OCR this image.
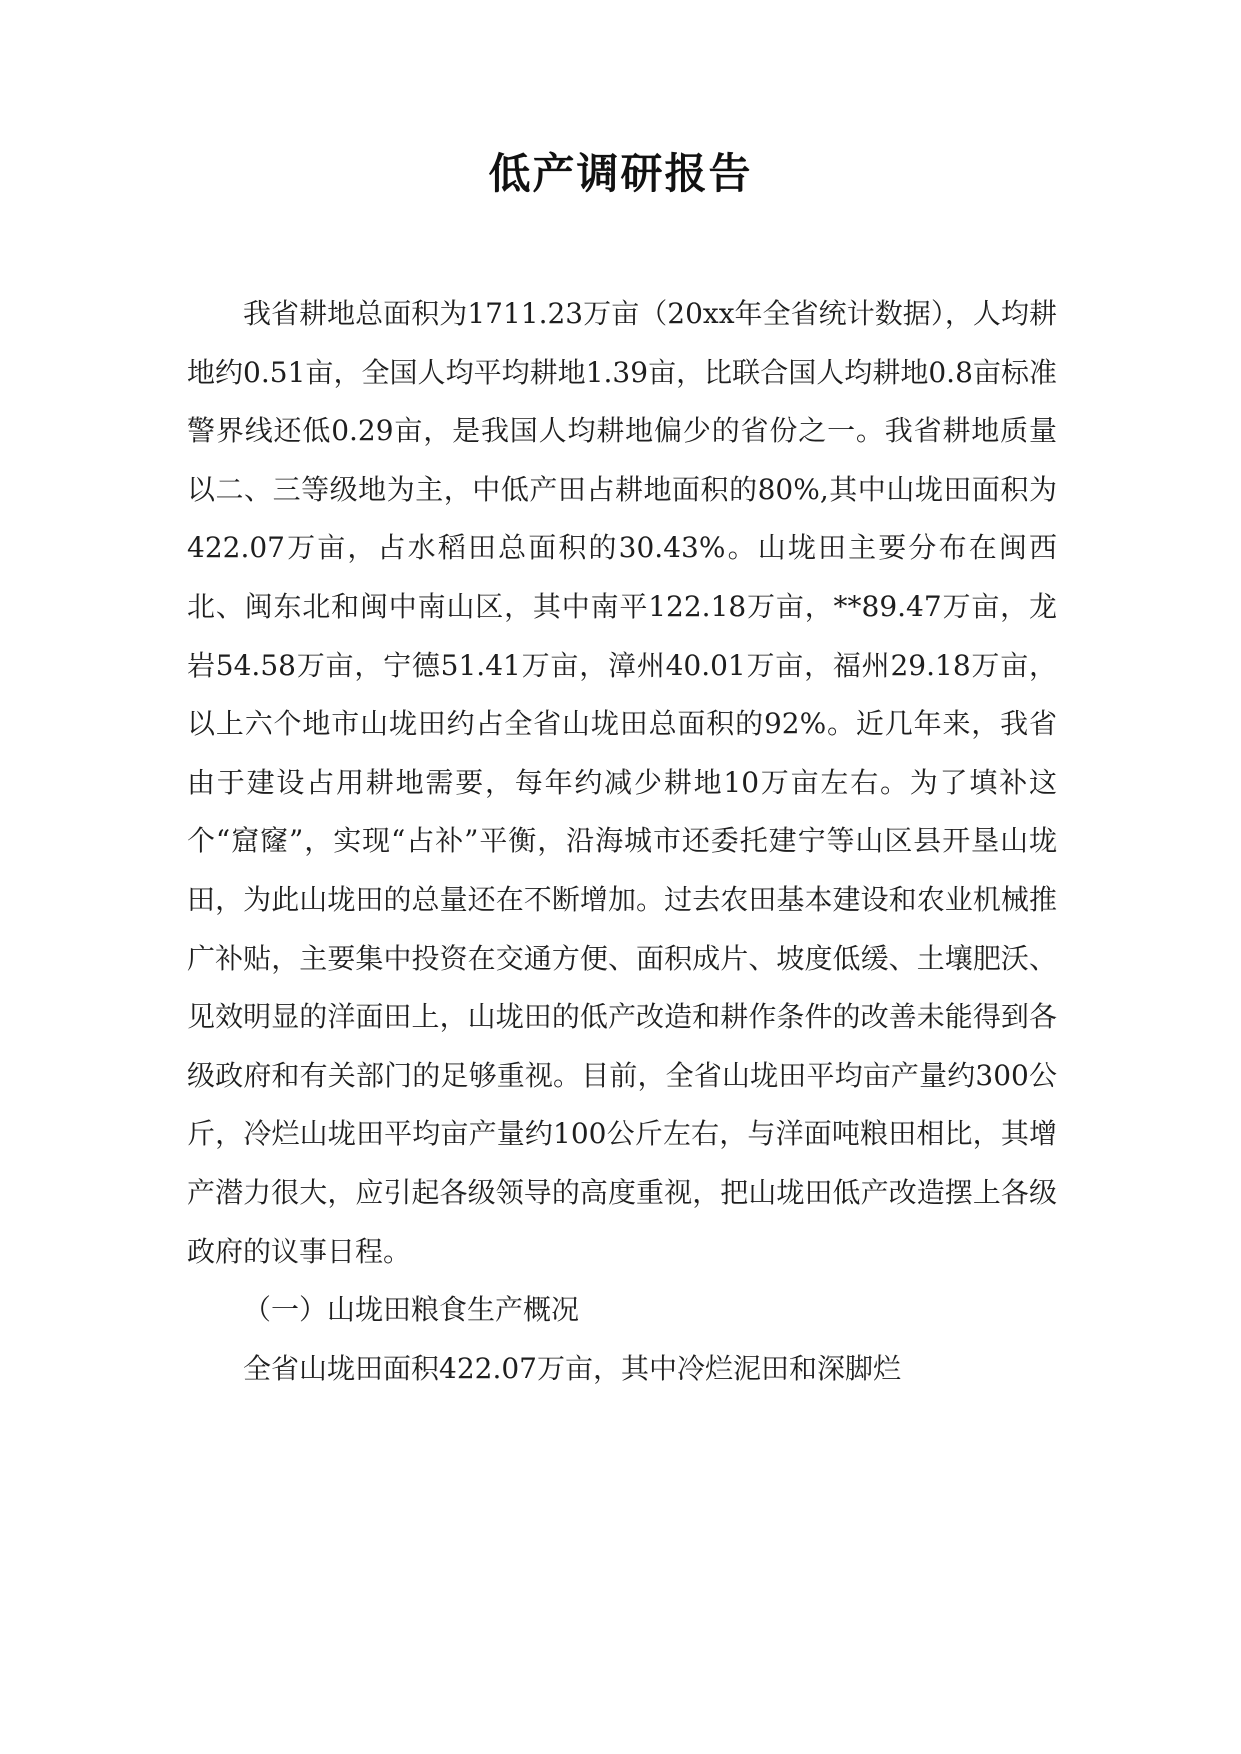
低产调研报告

我省耕地总面积为1711.23万亩（20xx年全省统计数据），人均耕地约0.51亩，全国人均平均耕地1.39亩，比联合国人均耕地0.8亩标准警界线还低0.29亩，是我国人均耕地偏少的省份之一。我省耕地质量以二、三等级地为主，中低产田占耕地面积的80%,其中山垅田面积为422.07万亩，占水稻田总面积的30.43%。山垅田主要分布在闽西北、闽东北和闽中南山区，其中南平122.18万亩，**89.47万亩，龙岩54.58万亩，宁德51.41万亩，漳州40.01万亩，福州29.18万亩，以上六个地市山垅田约占全省山垅田总面积的92%。近几年来，我省由于建设占用耕地需要，每年约减少耕地10万亩左右。为了填补这个“窟窿”，实现“占补”平衡，沿海城市还委托建宁等山区县开垦山垅田，为此山垅田的总量还在不断增加。过去农田基本建设和农业机械推广补贴，主要集中投资在交通方便、面积成片、坡度低缓、土壤肥沃、见效明显的洋面田上，山垅田的低产改造和耕作条件的改善未能得到各级政府和有关部门的足够重视。目前，全省山垅田平均亩产量约300公斤，冷烂山垅田平均亩产量约100公斤左右，与洋面吨粮田相比，其增产潜力很大，应引起各级领导的高度重视，把山垅田低产改造摆上各级政府的议事日程。

（一）山垅田粮食生产概况

全省山垅田面积422.07万亩，其中冷烂泥田和深脚烂
